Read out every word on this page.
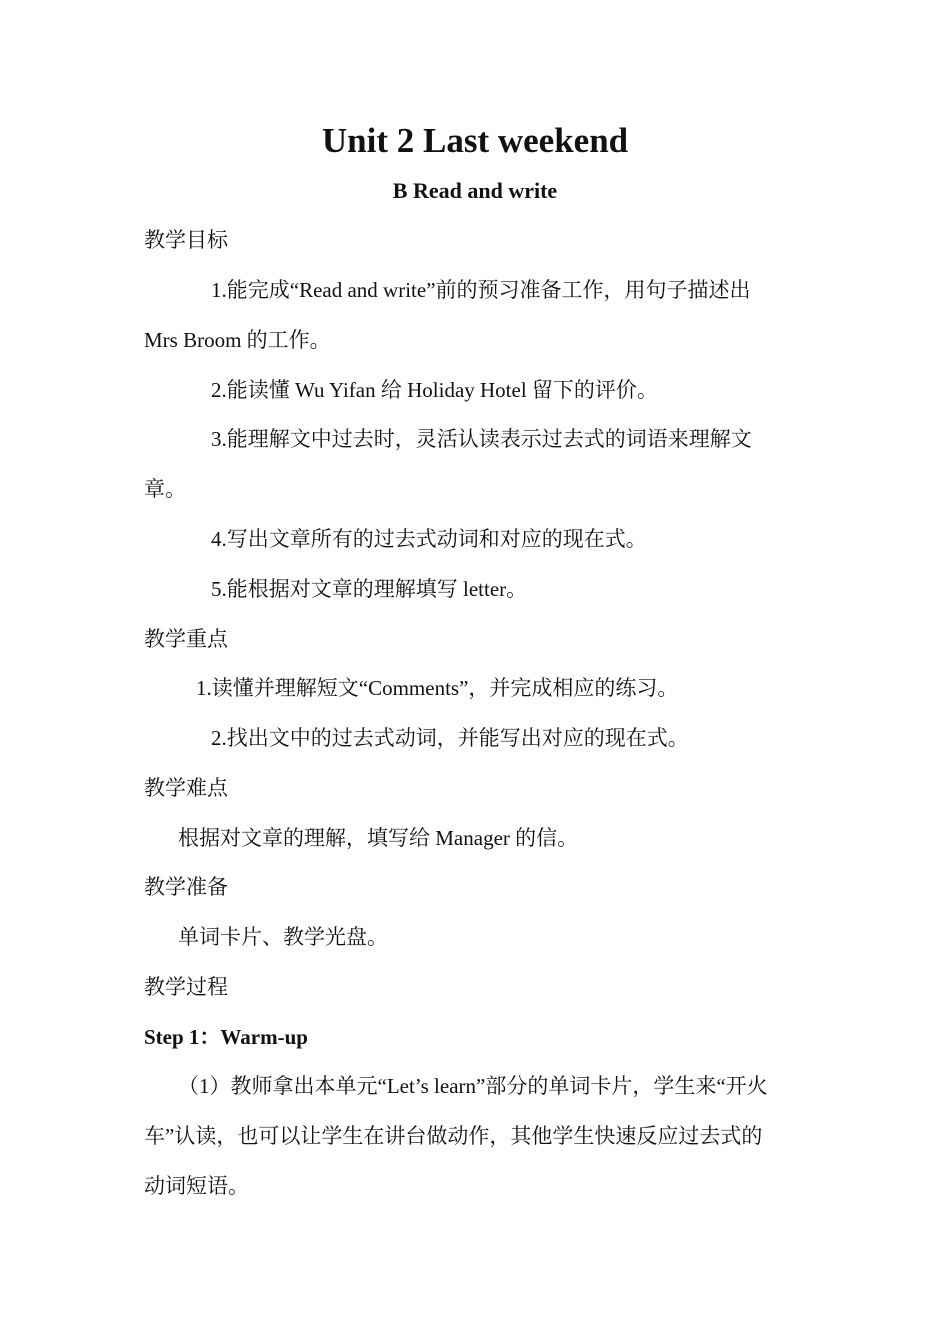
Unit 2 Last weekend
B Read and write
教学目标
1.能完成“Read and write”前的预习准备工作，用句子描述出
Mrs Broom 的工作。
2.能读懂 Wu Yifan 给 Holiday Hotel 留下的评价。
3.能理解文中过去时，灵活认读表示过去式的词语来理解文
章。
4.写出文章所有的过去式动词和对应的现在式。
5.能根据对文章的理解填写 letter。
教学重点
1.读懂并理解短文“Comments”，并完成相应的练习。
2.找出文中的过去式动词，并能写出对应的现在式。
教学难点
根据对文章的理解，填写给 Manager 的信。
教学准备
单词卡片、教学光盘。
教学过程
Step 1：Warm-up
（1）教师拿出本单元“Let’s learn”部分的单词卡片，学生来“开火
车”认读，也可以让学生在讲台做动作，其他学生快速反应过去式的
动词短语。
